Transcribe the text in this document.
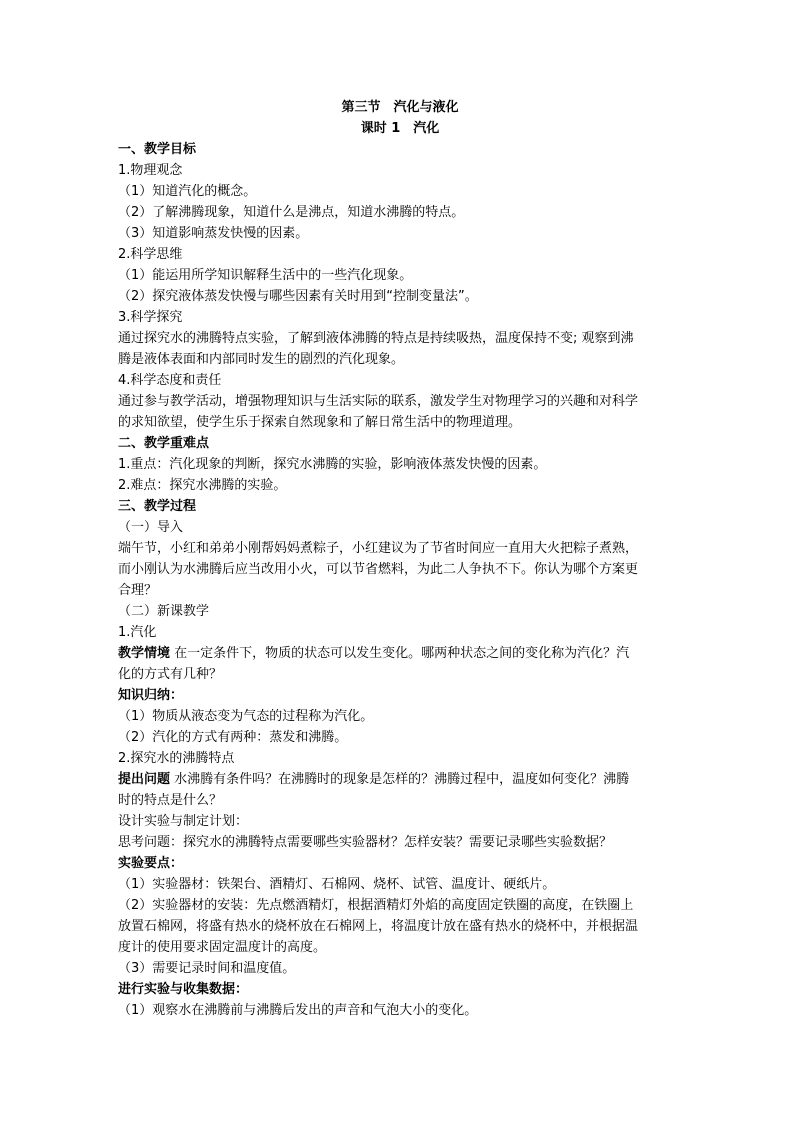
第三节　汽化与液化
课时 1　汽化
一、教学目标
1.物理观念
（1）知道汽化的概念。
（2）了解沸腾现象，知道什么是沸点，知道水沸腾的特点。
（3）知道影响蒸发快慢的因素。
2.科学思维
（1）能运用所学知识解释生活中的一些汽化现象。
（2）探究液体蒸发快慢与哪些因素有关时用到“控制变量法”。
3.科学探究
通过探究水的沸腾特点实验，了解到液体沸腾的特点是持续吸热，温度保持不变; 观察到沸
腾是液体表面和内部同时发生的剧烈的汽化现象。
4.科学态度和责任
通过参与教学活动，增强物理知识与生活实际的联系，激发学生对物理学习的兴趣和对科学
的求知欲望，使学生乐于探索自然现象和了解日常生活中的物理道理。
二、教学重难点
1.重点：汽化现象的判断，探究水沸腾的实验，影响液体蒸发快慢的因素。
2.难点：探究水沸腾的实验。
三、教学过程
（一）导入
端午节，小红和弟弟小刚帮妈妈煮粽子，小红建议为了节省时间应一直用大火把粽子煮熟，
而小刚认为水沸腾后应当改用小火，可以节省燃料，为此二人争执不下。你认为哪个方案更
合理？
（二）新课教学
1.汽化
教学情境 在一定条件下，物质的状态可以发生变化。哪两种状态之间的变化称为汽化？汽
化的方式有几种？
知识归纳：
（1）物质从液态变为气态的过程称为汽化。
（2）汽化的方式有两种：蒸发和沸腾。
2.探究水的沸腾特点
提出问题 水沸腾有条件吗？在沸腾时的现象是怎样的？沸腾过程中，温度如何变化？沸腾
时的特点是什么？
设计实验与制定计划：
思考问题：探究水的沸腾特点需要哪些实验器材？怎样安装？需要记录哪些实验数据？
实验要点：
（1）实验器材：铁架台、酒精灯、石棉网、烧杯、试管、温度计、硬纸片。
（2）实验器材的安装：先点燃酒精灯，根据酒精灯外焰的高度固定铁圈的高度，在铁圈上
放置石棉网，将盛有热水的烧杯放在石棉网上，将温度计放在盛有热水的烧杯中，并根据温
度计的使用要求固定温度计的高度。
（3）需要记录时间和温度值。
进行实验与收集数据：
（1）观察水在沸腾前与沸腾后发出的声音和气泡大小的变化。
